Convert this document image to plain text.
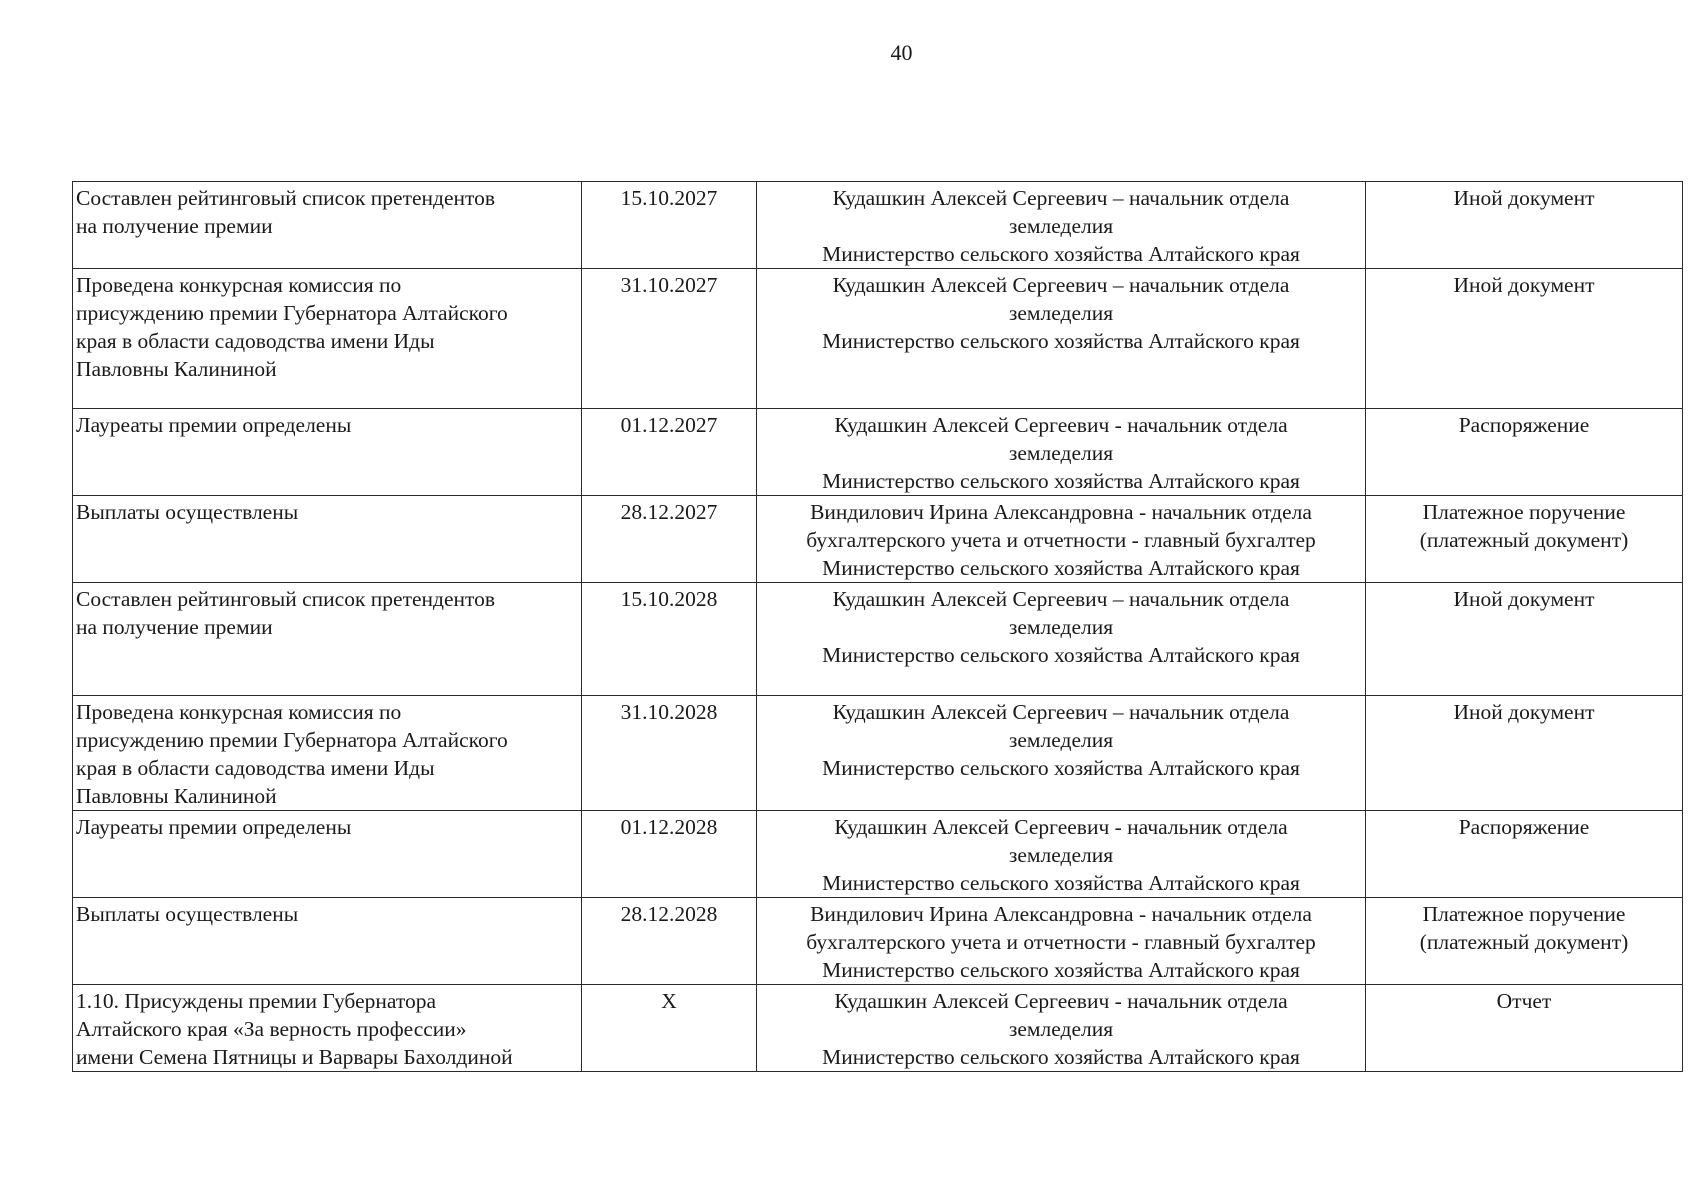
40
Составлен рейтинговый список претендентов
на получение премии	15.10.2027	Кудашкин Алексей Сергеевич – начальник отдела
земледелия
Министерство сельского хозяйства Алтайского края	Иной документ

Проведена конкурсная комиссия по
присуждению премии Губернатора Алтайского
края в области садоводства имени Иды
Павловны Калининой	31.10.2027	Кудашкин Алексей Сергеевич – начальник отдела
земледелия
Министерство сельского хозяйства Алтайского края	Иной документ

Лауреаты премии определены	01.12.2027	Кудашкин Алексей Сергеевич - начальник отдела
земледелия
Министерство сельского хозяйства Алтайского края	Распоряжение

Выплаты осуществлены	28.12.2027	Виндилович Ирина Александровна - начальник отдела
бухгалтерского учета и отчетности - главный бухгалтер
Министерство сельского хозяйства Алтайского края	Платежное поручение
(платежный документ)

Составлен рейтинговый список претендентов
на получение премии	15.10.2028	Кудашкин Алексей Сергеевич – начальник отдела
земледелия
Министерство сельского хозяйства Алтайского края	Иной документ

Проведена конкурсная комиссия по
присуждению премии Губернатора Алтайского
края в области садоводства имени Иды
Павловны Калининой	31.10.2028	Кудашкин Алексей Сергеевич – начальник отдела
земледелия
Министерство сельского хозяйства Алтайского края	Иной документ

Лауреаты премии определены	01.12.2028	Кудашкин Алексей Сергеевич - начальник отдела
земледелия
Министерство сельского хозяйства Алтайского края	Распоряжение

Выплаты осуществлены	28.12.2028	Виндилович Ирина Александровна - начальник отдела
бухгалтерского учета и отчетности - главный бухгалтер
Министерство сельского хозяйства Алтайского края	Платежное поручение
(платежный документ)

1.10. Присуждены премии Губернатора
Алтайского края «За верность профессии»
имени Семена Пятницы и Варвары Бахолдиной	X	Кудашкин Алексей Сергеевич - начальник отдела
земледелия
Министерство сельского хозяйства Алтайского края	Отчет
